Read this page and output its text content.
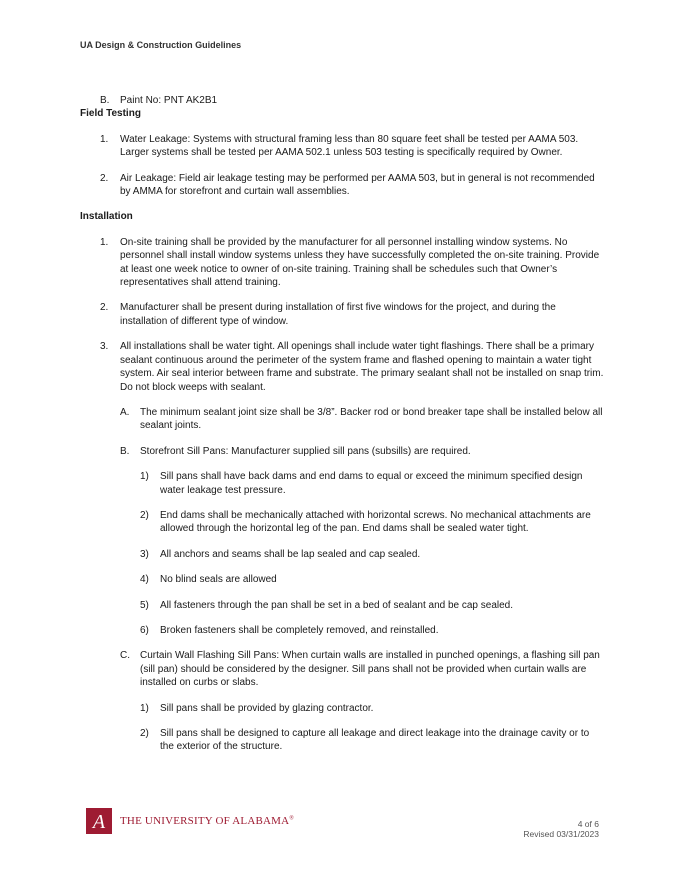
UA Design & Construction Guidelines
B. Paint No: PNT AK2B1
Field Testing
1. Water Leakage: Systems with structural framing less than 80 square feet shall be tested per AAMA 503. Larger systems shall be tested per AAMA 502.1 unless 503 testing is specifically required by Owner.
2. Air Leakage: Field air leakage testing may be performed per AAMA 503, but in general is not recommended by AMMA for storefront and curtain wall assemblies.
Installation
1. On-site training shall be provided by the manufacturer for all personnel installing window systems. No personnel shall install window systems unless they have successfully completed the on-site training. Provide at least one week notice to owner of on-site training. Training shall be schedules such that Owner’s representatives shall attend training.
2. Manufacturer shall be present during installation of first five windows for the project, and during the installation of different type of window.
3. All installations shall be water tight. All openings shall include water tight flashings. There shall be a primary sealant continuous around the perimeter of the system frame and flashed opening to maintain a water tight system. Air seal interior between frame and substrate. The primary sealant shall not be installed on snap trim. Do not block weeps with sealant.
A. The minimum sealant joint size shall be 3/8”. Backer rod or bond breaker tape shall be installed below all sealant joints.
B. Storefront Sill Pans: Manufacturer supplied sill pans (subsills) are required.
1) Sill pans shall have back dams and end dams to equal or exceed the minimum specified design water leakage test pressure.
2) End dams shall be mechanically attached with horizontal screws. No mechanical attachments are allowed through the horizontal leg of the pan. End dams shall be sealed water tight.
3) All anchors and seams shall be lap sealed and cap sealed.
4) No blind seals are allowed
5) All fasteners through the pan shall be set in a bed of sealant and be cap sealed.
6) Broken fasteners shall be completely removed, and reinstalled.
C. Curtain Wall Flashing Sill Pans: When curtain walls are installed in punched openings, a flashing sill pan (sill pan) should be considered by the designer. Sill pans shall not be provided when curtain walls are installed on curbs or slabs.
1) Sill pans shall be provided by glazing contractor.
2) Sill pans shall be designed to capture all leakage and direct leakage into the drainage cavity or to the exterior of the structure.
A THE UNIVERSITY OF ALABAMA®
4 of 6
Revised 03/31/2023
